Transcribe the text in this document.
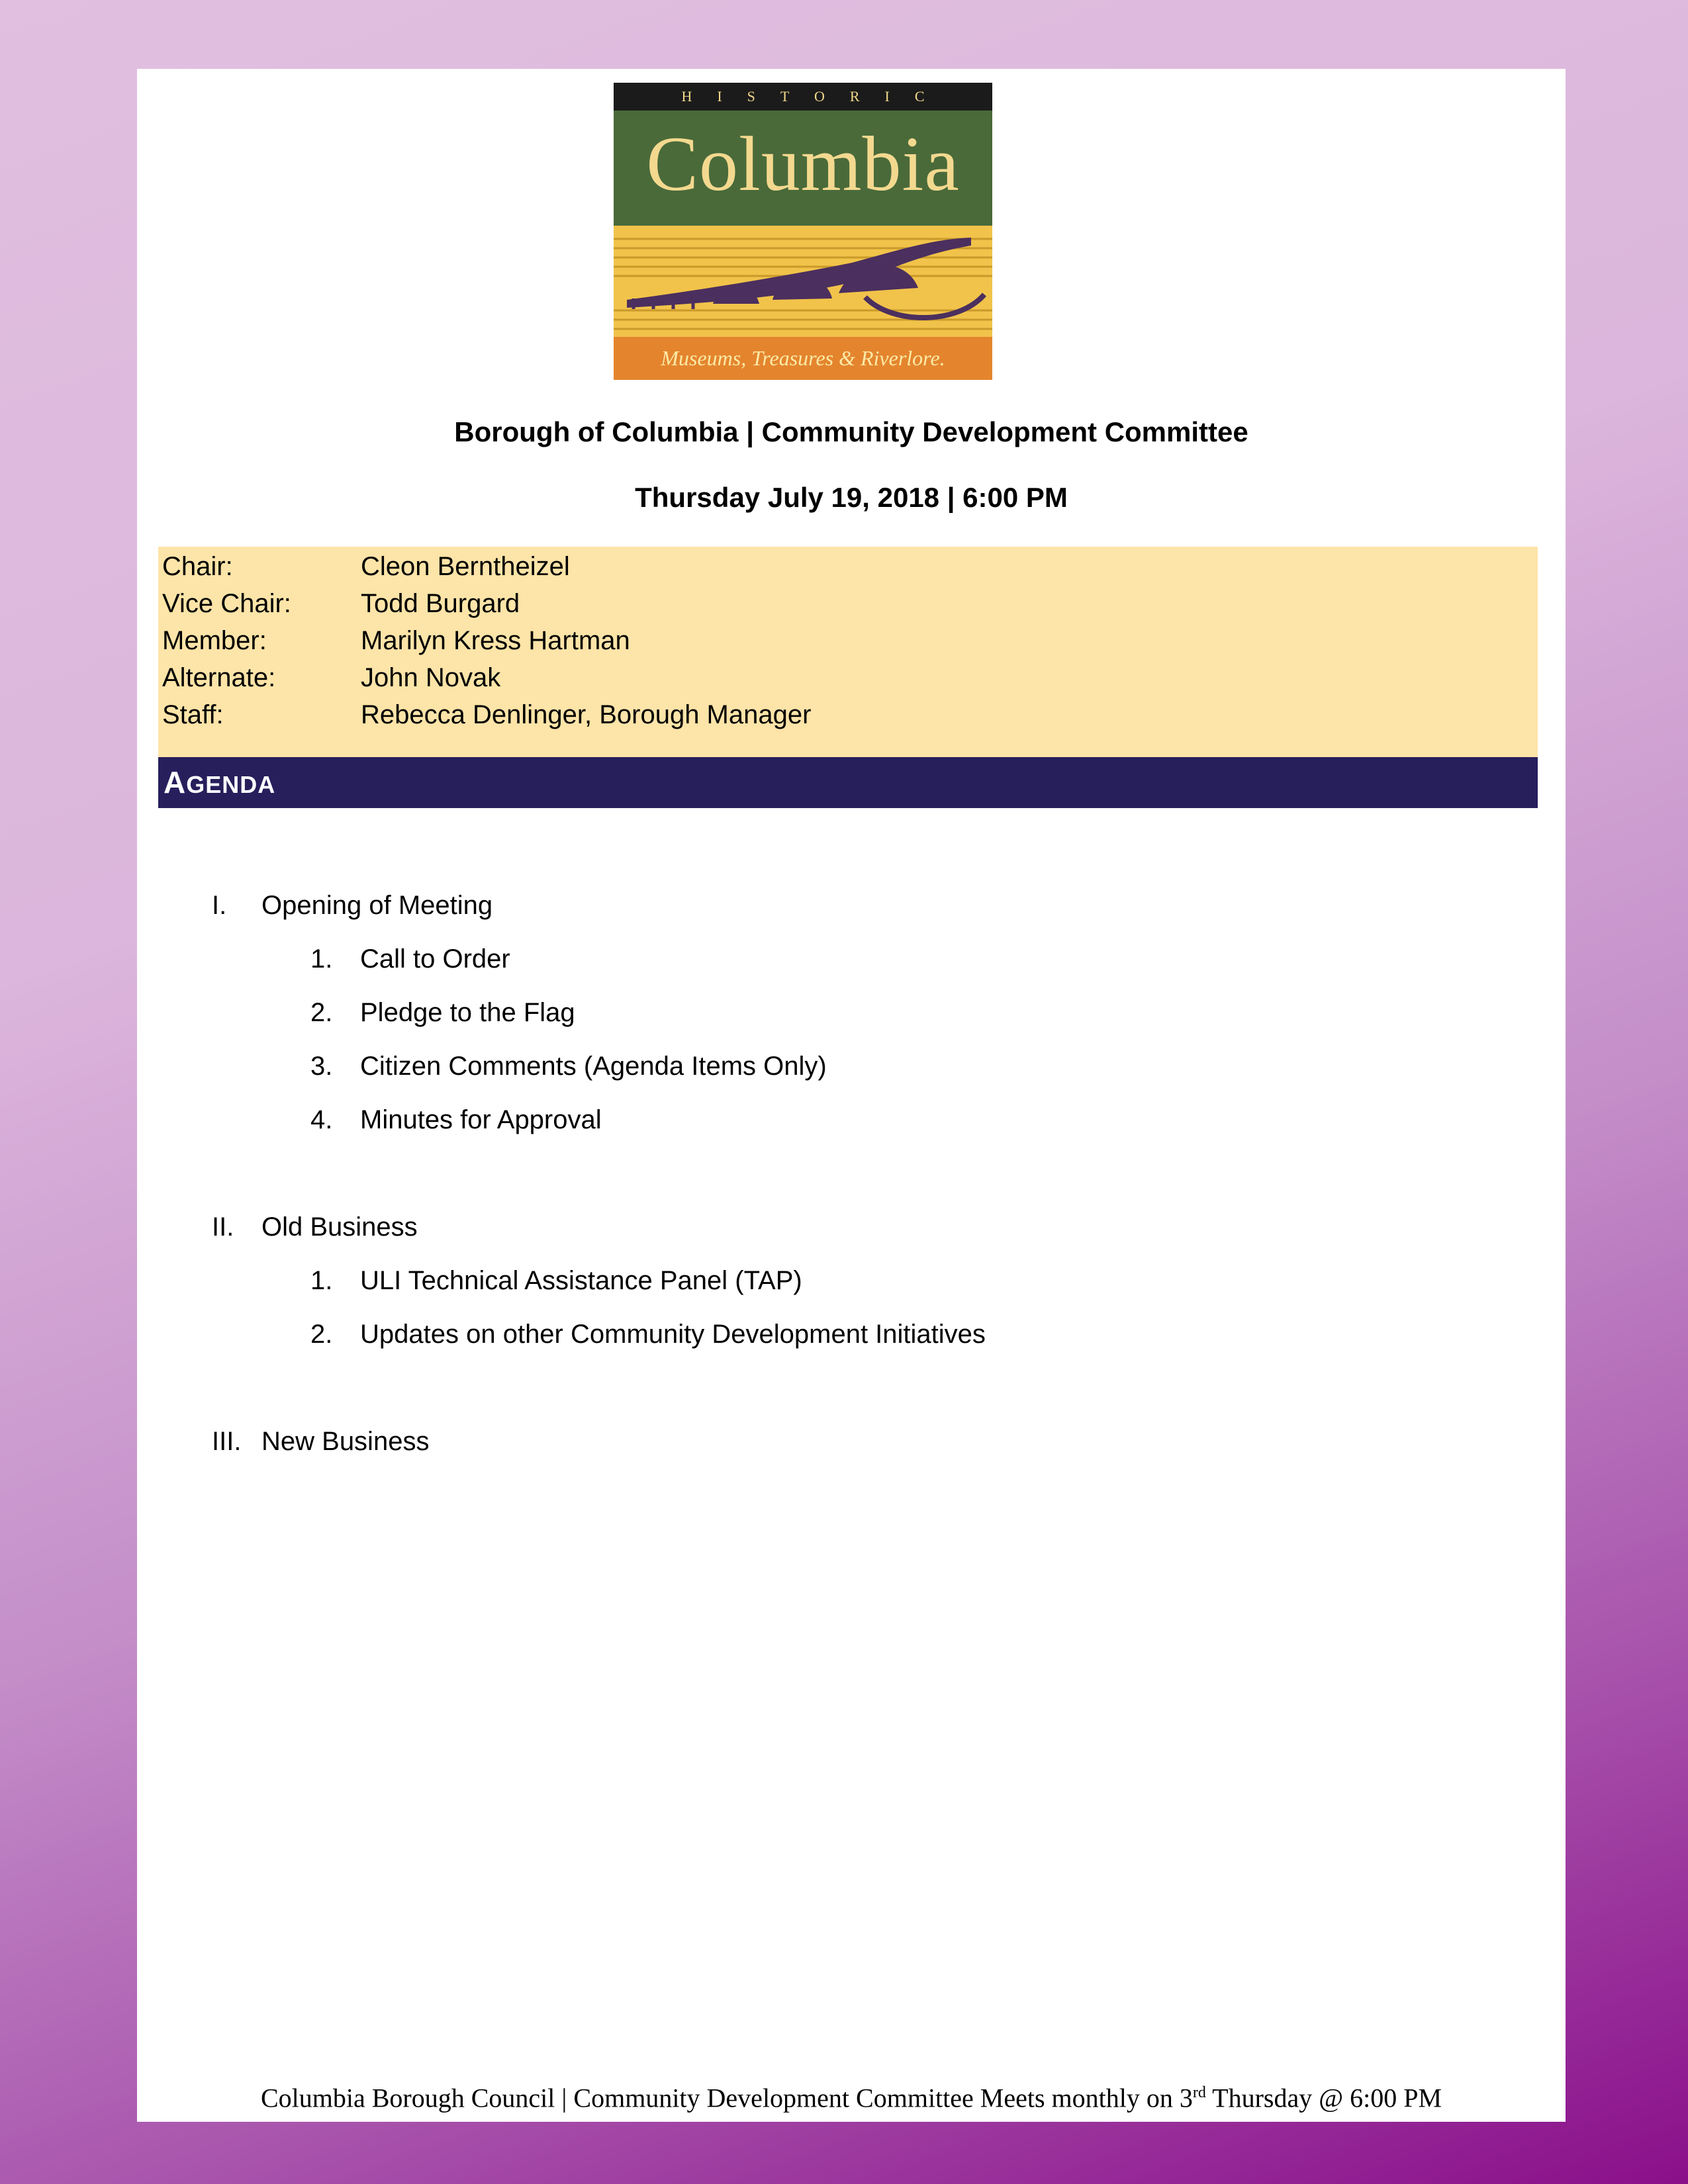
HISTORIC
Columbia
Museums, Treasures & Riverlore.
Borough of Columbia | Community Development Committee
Thursday July 19, 2018 | 6:00 PM
Chair:	Cleon Berntheizel
Vice Chair:	Todd Burgard
Member:	Marilyn Kress Hartman
Alternate:	John Novak
Staff:	Rebecca Denlinger, Borough Manager
AGENDA
I. Opening of Meeting
1. Call to Order
2. Pledge to the Flag
3. Citizen Comments (Agenda Items Only)
4. Minutes for Approval
II. Old Business
1. ULI Technical Assistance Panel (TAP)
2. Updates on other Community Development Initiatives
III. New Business
Columbia Borough Council | Community Development Committee Meets monthly on 3rd Thursday @ 6:00 PM
